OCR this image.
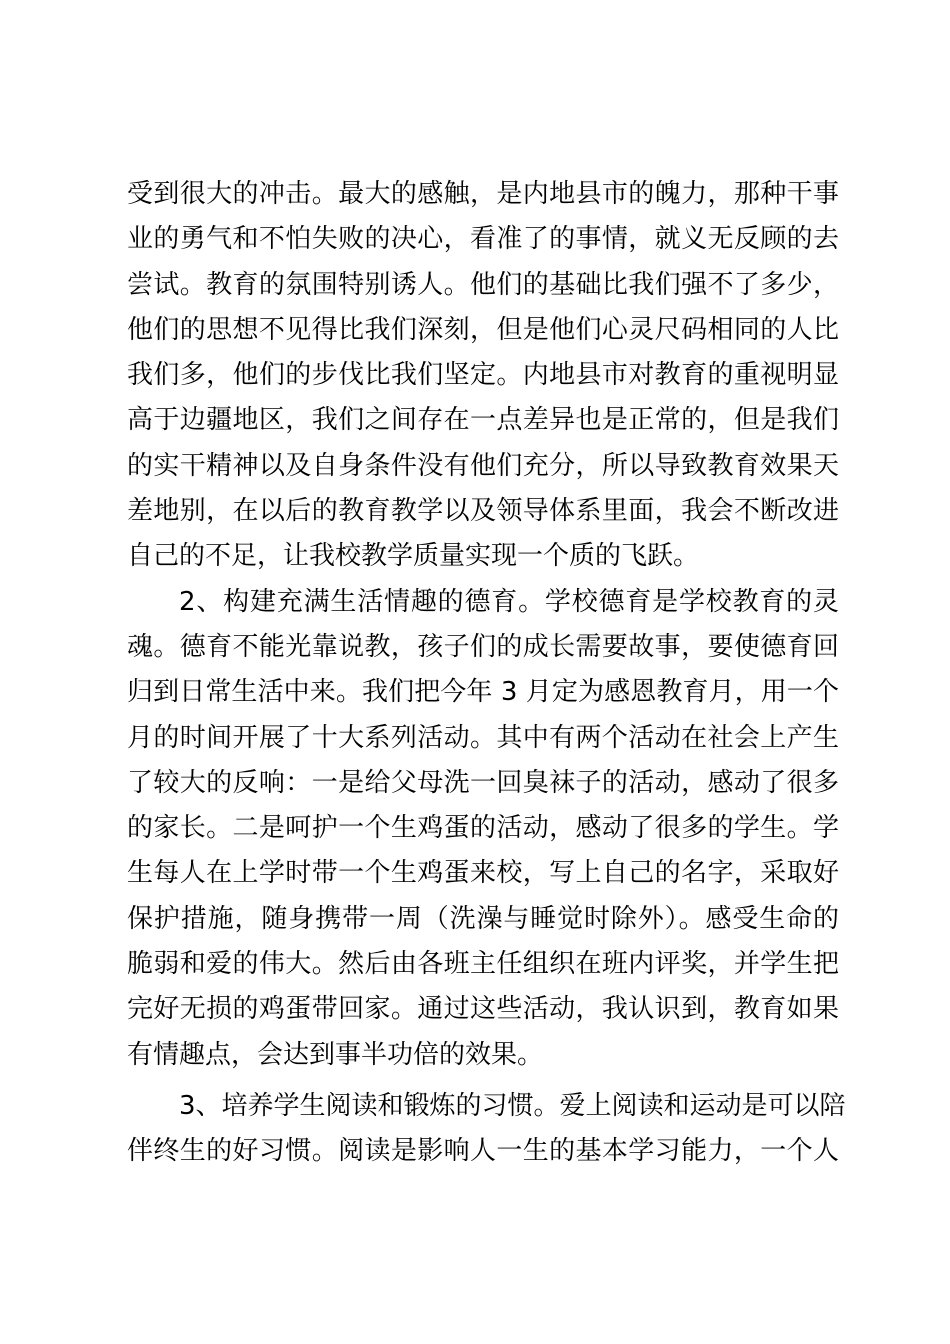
受到很大的冲击。最大的感触，是内地县市的魄力，那种干事
业的勇气和不怕失败的决心，看准了的事情，就义无反顾的去
尝试。教育的氛围特别诱人。他们的基础比我们强不了多少，
他们的思想不见得比我们深刻，但是他们心灵尺码相同的人比
我们多，他们的步伐比我们坚定。内地县市对教育的重视明显
高于边疆地区，我们之间存在一点差异也是正常的，但是我们
的实干精神以及自身条件没有他们充分，所以导致教育效果天
差地别，在以后的教育教学以及领导体系里面，我会不断改进
自己的不足，让我校教学质量实现一个质的飞跃。
2、构建充满生活情趣的德育。学校德育是学校教育的灵
魂。德育不能光靠说教，孩子们的成长需要故事，要使德育回
归到日常生活中来。我们把今年 3 月定为感恩教育月，用一个
月的时间开展了十大系列活动。其中有两个活动在社会上产生
了较大的反响：一是给父母洗一回臭袜子的活动，感动了很多
的家长。二是呵护一个生鸡蛋的活动，感动了很多的学生。学
生每人在上学时带一个生鸡蛋来校，写上自己的名字，采取好
保护措施，随身携带一周（洗澡与睡觉时除外）。感受生命的
脆弱和爱的伟大。然后由各班主任组织在班内评奖，并学生把
完好无损的鸡蛋带回家。通过这些活动，我认识到，教育如果
有情趣点，会达到事半功倍的效果。
3、培养学生阅读和锻炼的习惯。爱上阅读和运动是可以陪
伴终生的好习惯。阅读是影响人一生的基本学习能力，一个人
